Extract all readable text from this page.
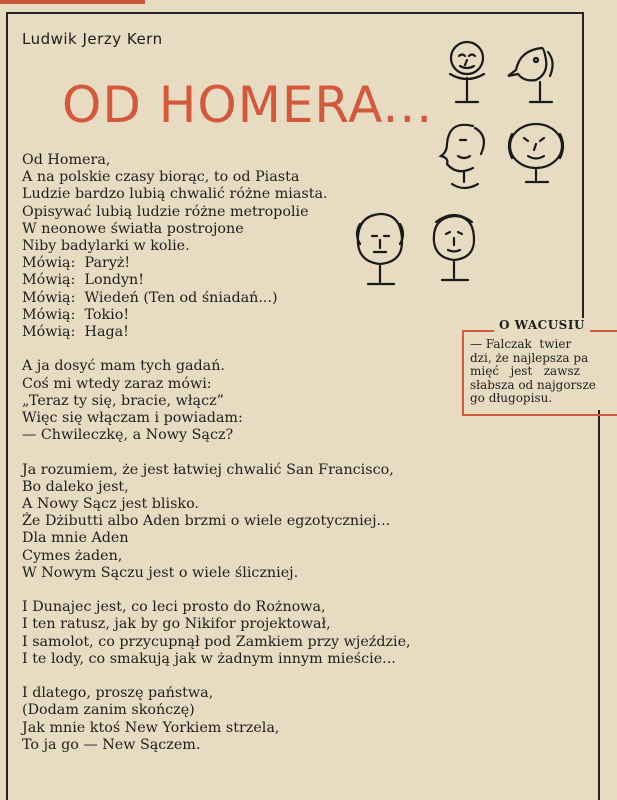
Ludwik Jerzy Kern
OD HOMERA...
Od Homera,
A na polskie czasy biorąc, to od Piasta
Ludzie bardzo lubią chwalić różne miasta.
Opisywać lubią ludzie różne metropolie
W neonowe światła postrojone
Niby badylarki w kolie.
Mówią:  Paryż!
Mówią:  Londyn!
Mówią:  Wiedeń (Ten od śniadań...)
Mówią:  Tokio!
Mówią:  Haga!
A ja dosyć mam tych gadań.
Coś mi wtedy zaraz mówi:
„Teraz ty się, bracie, włącz”
Więc się włączam i powiadam:
— Chwileczkę, a Nowy Sącz?
Ja rozumiem, że jest łatwiej chwalić San Francisco,
Bo daleko jest,
A Nowy Sącz jest blisko.
Że Dżibutti albo Aden brzmi o wiele egzotyczniej...
Dla mnie Aden
Cymes żaden,
W Nowym Sączu jest o wiele śliczniej.
I Dunajec jest, co leci prosto do Rożnowa,
I ten ratusz, jak by go Nikifor projektował,
I samolot, co przycupnął pod Zamkiem przy wjeździe,
I te lody, co smakują jak w żadnym innym mieście...
I dlatego, proszę państwa,
(Dodam zanim skończę)
Jak mnie ktoś New Yorkiem strzela,
To ja go — New Sączem.
O WACUSIU
— Falczak  twier
dzi, że najlepsza pa
mięć   jest   zawsz
słabsza od najgorsze
go długopisu.
